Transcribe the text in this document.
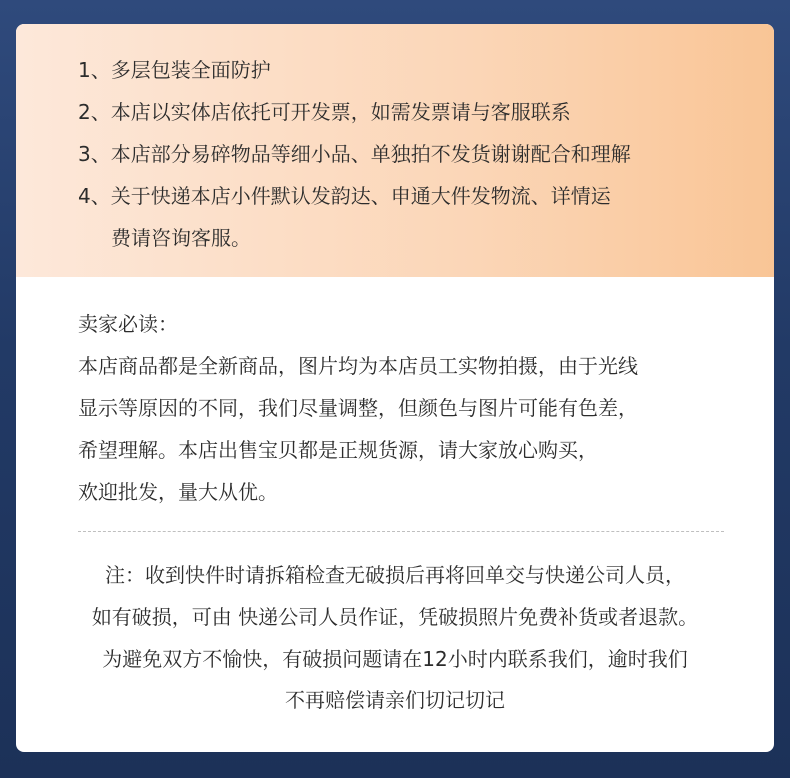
1、多层包装全面防护
2、本店以实体店依托可开发票，如需发票请与客服联系
3、本店部分易碎物品等细小品、单独拍不发货谢谢配合和理解
4、关于快递本店小件默认发韵达、申通大件发物流、详情运
费请咨询客服。
卖家必读：
本店商品都是全新商品，图片均为本店员工实物拍摄，由于光线
显示等原因的不同，我们尽量调整，但颜色与图片可能有色差，
希望理解。本店出售宝贝都是正规货源，请大家放心购买，
欢迎批发，量大从优。
注：收到快件时请拆箱检查无破损后再将回单交与快递公司人员，
如有破损，可由 快递公司人员作证，凭破损照片免费补货或者退款。
为避免双方不愉快，有破损问题请在12小时内联系我们，逾时我们
不再赔偿请亲们切记切记
